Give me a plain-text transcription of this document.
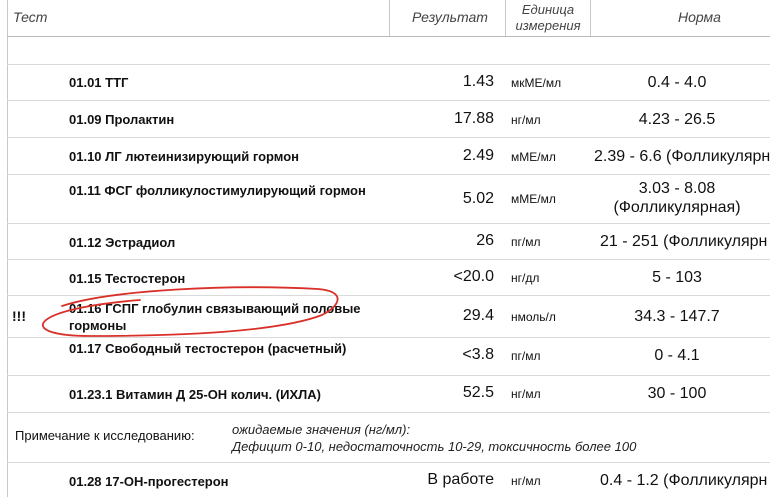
Тест	Результат	Единица
измерения
Норма
01.01 ТТГ	1.43 мкМЕ/мл	0.4 - 4.0
01.09 Пролактин	17.88 нг/мл	4.23 - 26.5
01.10 ЛГ лютеинизирующий гормон	2.49 мМЕ/мл 2.39 - 6.6 (Фолликулярн
01.11 ФСГ фолликулостимулирующий гормон	5.02 мМЕ/мл
3.03 - 8.08
(Фолликулярная)
01.12 Эстрадиол	26 пг/мл	21 - 251 (Фолликулярн
01.15 Тестостерон	<20.0 нг/дл	5 - 103
!!!	01.16 ГСПГ глобулин связывающий половые гормоны
29.4 нмоль/л	34.3 - 147.7
01.17 Свободный тестостерон (расчетный)	<3.8 пг/мл	0 - 4.1
01.23.1 Витамин Д 25-ОН колич. (ИХЛА)	52.5 нг/мл	30 - 100
Примечание к исследованию:	ожидаемые значения (нг/мл):
Дефицит 0-10, недостаточность 10-29, токсичность более 100
01.28 17-ОН-прогестерон	В работе нг/мл	0.4 - 1.2 (Фолликулярн
